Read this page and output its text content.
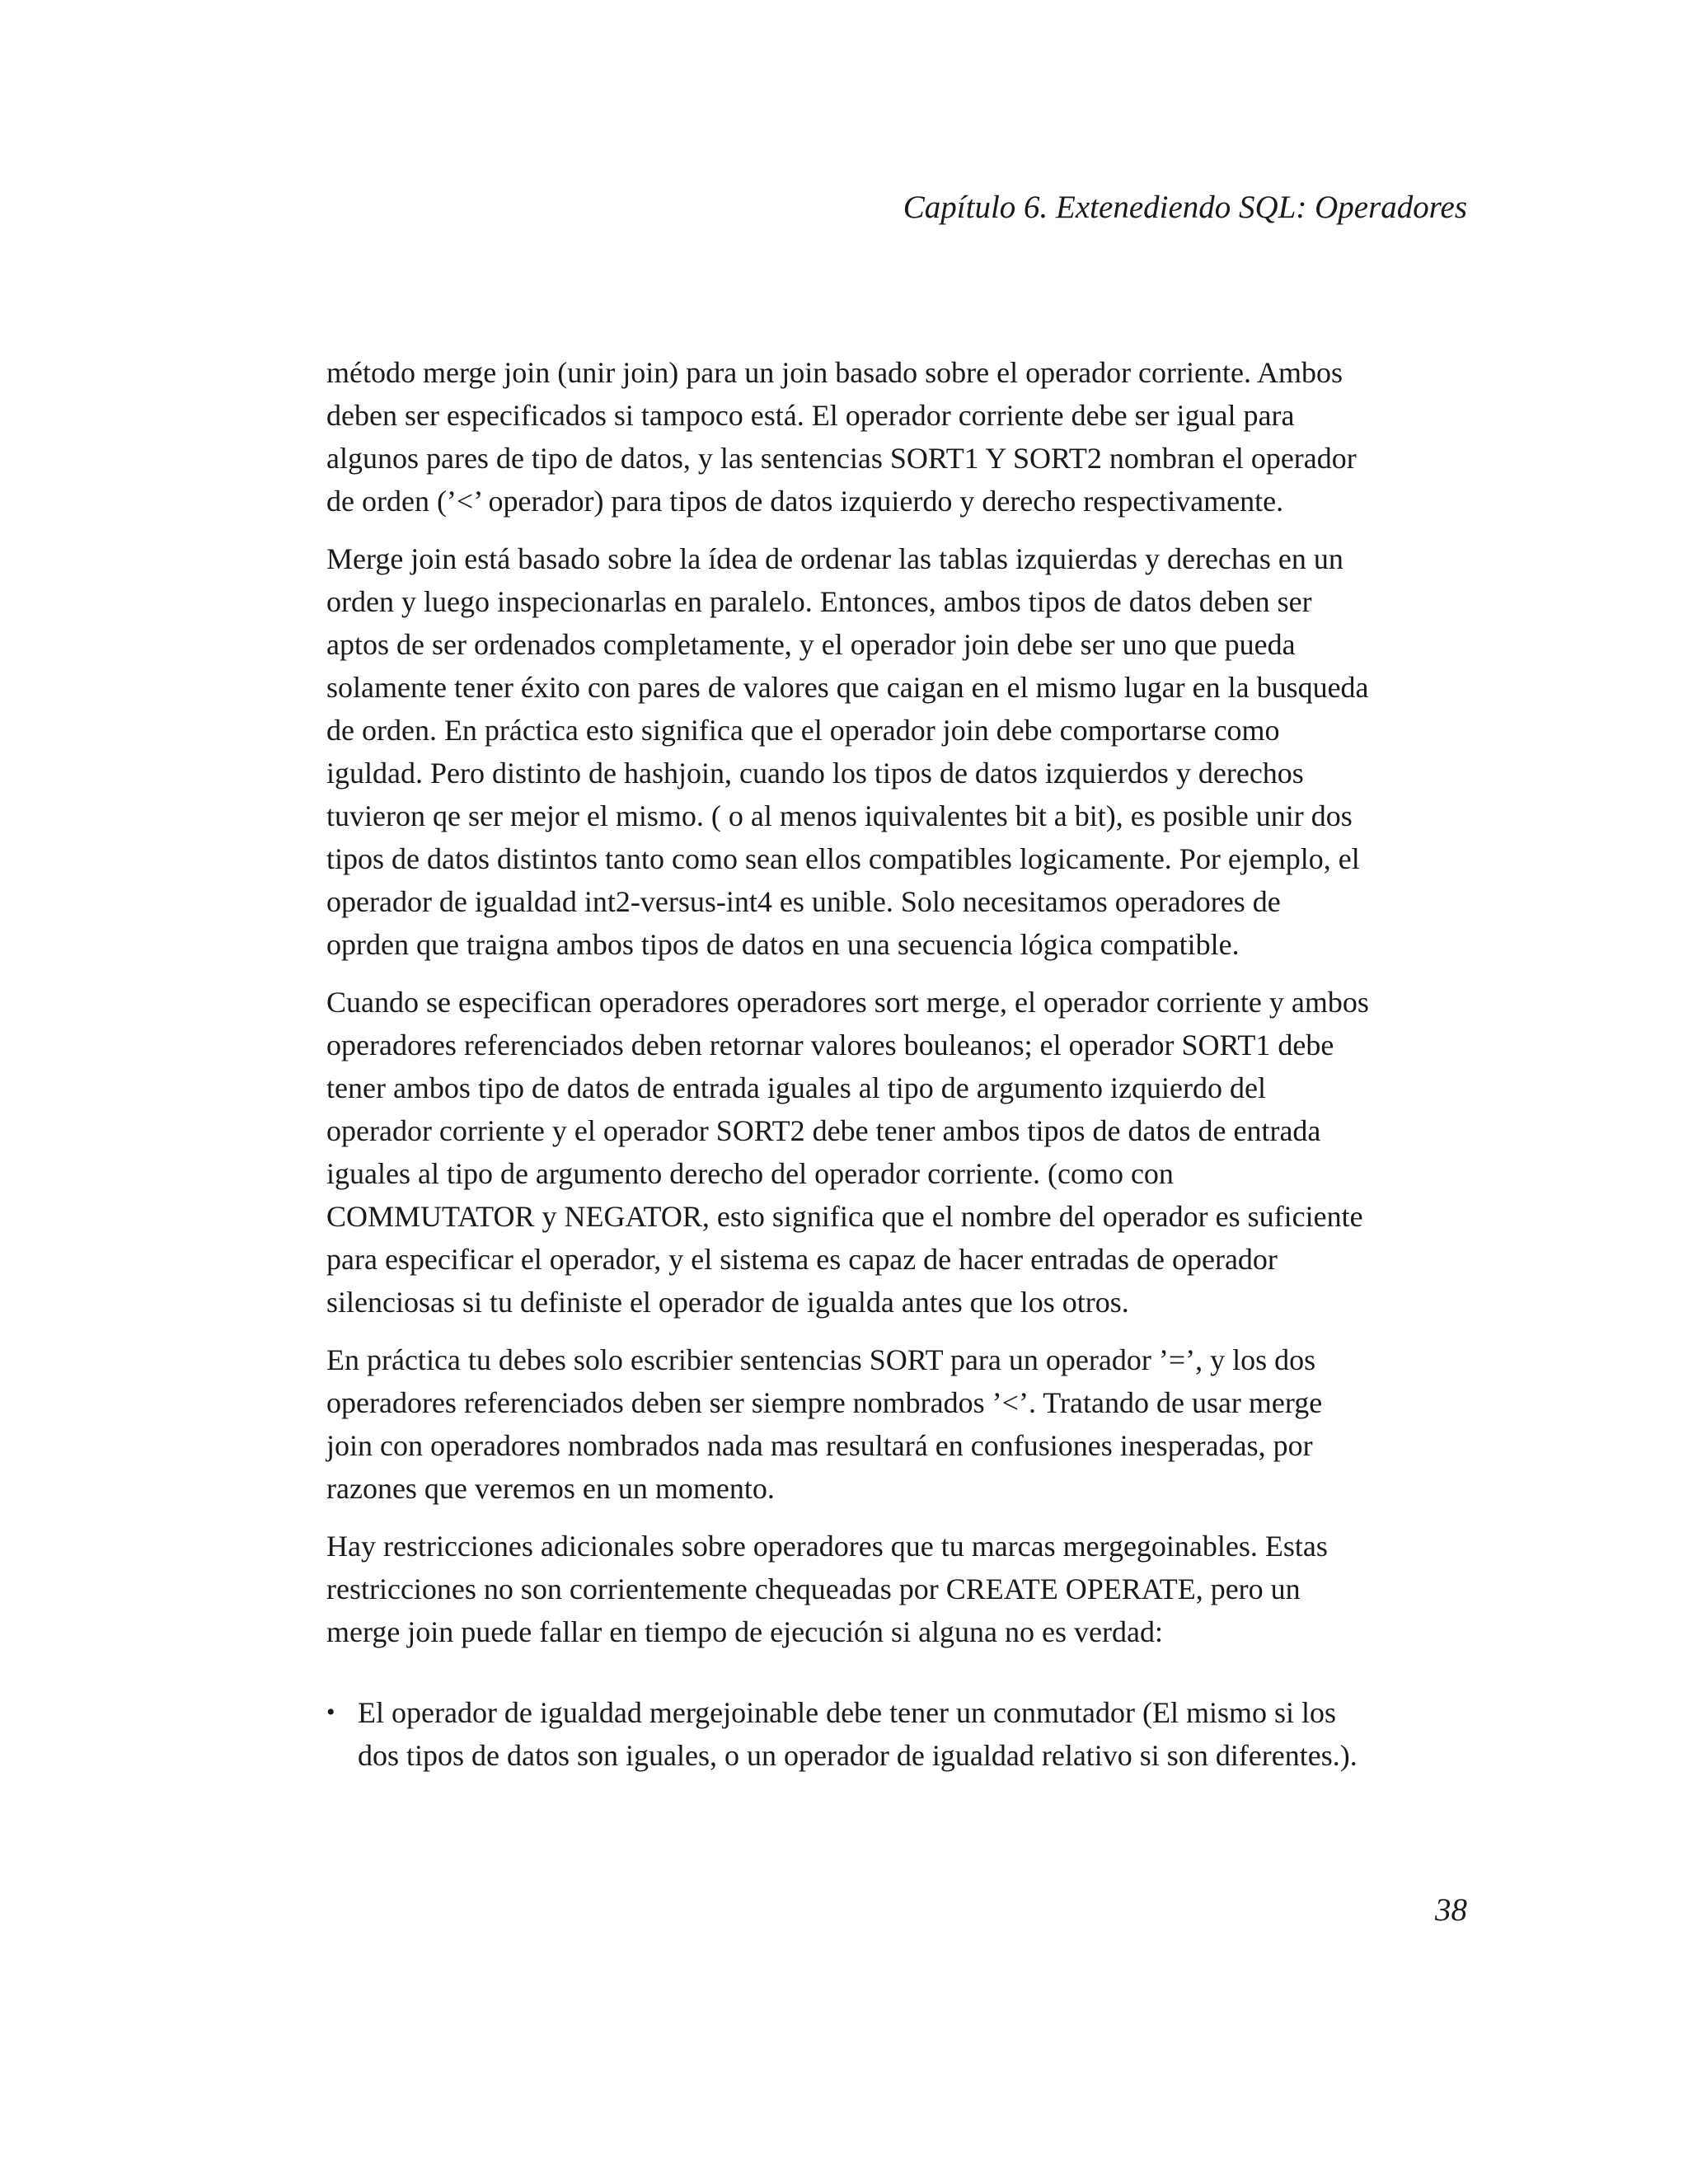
Capítulo 6. Extenediendo SQL: Operadores

método merge join (unir join) para un join basado sobre el operador corriente. Ambos
deben ser especificados si tampoco está. El operador corriente debe ser igual para
algunos pares de tipo de datos, y las sentencias SORT1 Y SORT2 nombran el operador
de orden (’<’ operador) para tipos de datos izquierdo y derecho respectivamente.

Merge join está basado sobre la ídea de ordenar las tablas izquierdas y derechas en un
orden y luego inspecionarlas en paralelo. Entonces, ambos tipos de datos deben ser
aptos de ser ordenados completamente, y el operador join debe ser uno que pueda
solamente tener éxito con pares de valores que caigan en el mismo lugar en la busqueda
de orden. En práctica esto significa que el operador join debe comportarse como
iguldad. Pero distinto de hashjoin, cuando los tipos de datos izquierdos y derechos
tuvieron qe ser mejor el mismo. ( o al menos iquivalentes bit a bit), es posible unir dos
tipos de datos distintos tanto como sean ellos compatibles logicamente. Por ejemplo, el
operador de igualdad int2-versus-int4 es unible. Solo necesitamos operadores de
oprden que traigna ambos tipos de datos en una secuencia lógica compatible.

Cuando se especifican operadores operadores sort merge, el operador corriente y ambos
operadores referenciados deben retornar valores bouleanos; el operador SORT1 debe
tener ambos tipo de datos de entrada iguales al tipo de argumento izquierdo del
operador corriente y el operador SORT2 debe tener ambos tipos de datos de entrada
iguales al tipo de argumento derecho del operador corriente. (como con
COMMUTATOR y NEGATOR, esto significa que el nombre del operador es suficiente
para especificar el operador, y el sistema es capaz de hacer entradas de operador
silenciosas si tu definiste el operador de igualda antes que los otros.

En práctica tu debes solo escribier sentencias SORT para un operador ’=’, y los dos
operadores referenciados deben ser siempre nombrados ’<’. Tratando de usar merge
join con operadores nombrados nada mas resultará en confusiones inesperadas, por
razones que veremos en un momento.

Hay restricciones adicionales sobre operadores que tu marcas mergegoinables. Estas
restricciones no son corrientemente chequeadas por CREATE OPERATE, pero un
merge join puede fallar en tiempo de ejecución si alguna no es verdad:

• El operador de igualdad mergejoinable debe tener un conmutador (El mismo si los
dos tipos de datos son iguales, o un operador de igualdad relativo si son diferentes.).
38
